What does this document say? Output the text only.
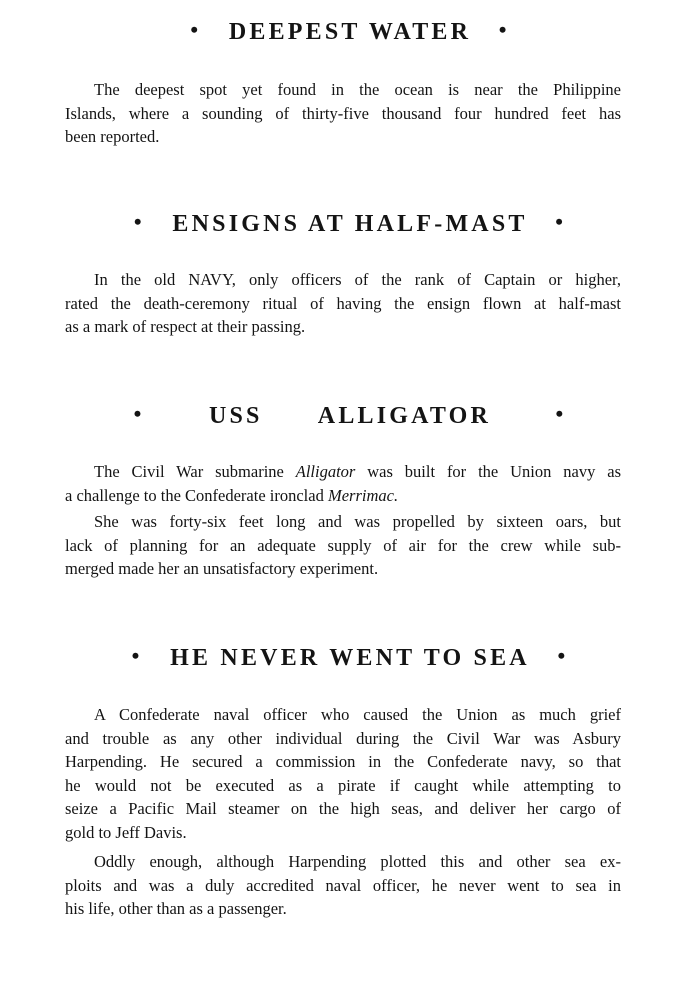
• DEEPEST WATER •
The deepest spot yet found in the ocean is near the Philippine
Islands, where a sounding of thirty-five thousand four hundred feet has
been reported.
• ENSIGNS AT HALF-MAST •
In the old NAVY, only officers of the rank of Captain or higher,
rated the death-ceremony ritual of having the ensign flown at half-mast
as a mark of respect at their passing.
•	USS ALLIGATOR	•
The Civil War submarine Alligator was built for the Union navy as
a challenge to the Confederate ironclad Merrimac.
She was forty-six feet long and was propelled by sixteen oars, but
lack of planning for an adequate supply of air for the crew while sub-
merged made her an unsatisfactory experiment.
• HE NEVER WENT TO SEA •
A Confederate naval officer who caused the Union as much grief
and trouble as any other individual during the Civil War was Asbury
Harpending. He secured a commission in the Confederate navy, so that
he would not be executed as a pirate if caught while attempting to
seize a Pacific Mail steamer on the high seas, and deliver her cargo of
gold to Jeff Davis.
Oddly enough, although Harpending plotted this and other sea ex-
ploits and was a duly accredited naval officer, he never went to sea in
his life, other than as a passenger.
